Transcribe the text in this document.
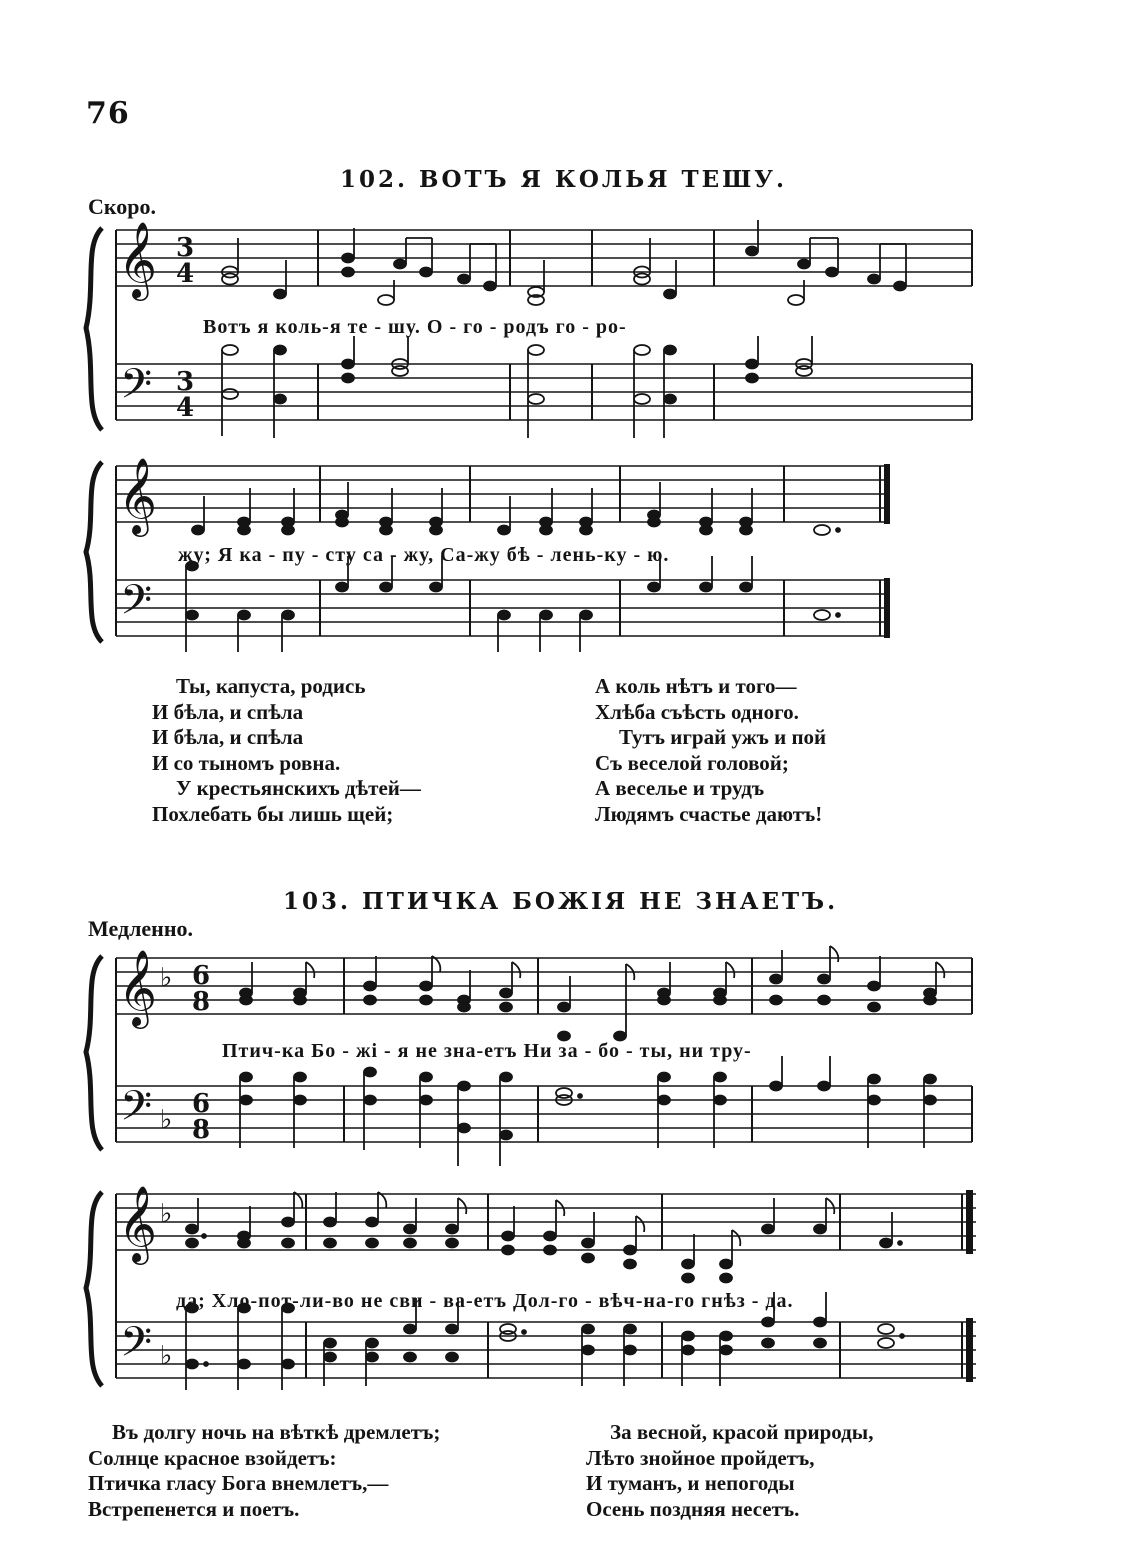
76
102. ВОТЪ Я КОЛЬЯ ТЕШУ.
Скоро.
𝄞
𝄢
3
4
3
4
Вотъ я коль-я те - шу. О - го - родъ го - ро-
𝄞
𝄢
жу; Я ка - пу - сту са - жу, Са-жу бѣ - лень-ку - ю.
Ты, капуста, родись
И бѣла, и спѣла
И бѣла, и спѣла
И со тыномъ ровна.
У крестьянскихъ дѣтей—
Похлебать бы лишь щей;
А коль нѣтъ и того—
Хлѣба съѣсть одного.
Тутъ играй ужъ и пой
Съ веселой головой;
А веселье и трудъ
Людямъ счастье даютъ!
103. ПТИЧКА БОЖІЯ НЕ ЗНАЕТЪ.
Медленно.
𝄞
𝄢
♭
♭
6
8
6
8
Птич-ка Бо - жі - я не зна-етъ Ни за - бо - ты, ни тру-
𝄞
𝄢
♭
♭
да; Хло-пот-ли-во не сви - ва-етъ Дол-го - вѣч-на-го гнѣз - да.
Въ долгу ночь на вѣткѣ дремлетъ;
Солнце красное взойдетъ:
Птичка гласу Бога внемлетъ,—
Встрепенется и поетъ.
За весной, красой природы,
Лѣто знойное пройдетъ,
И туманъ, и непогоды
Осень поздняя несетъ.
